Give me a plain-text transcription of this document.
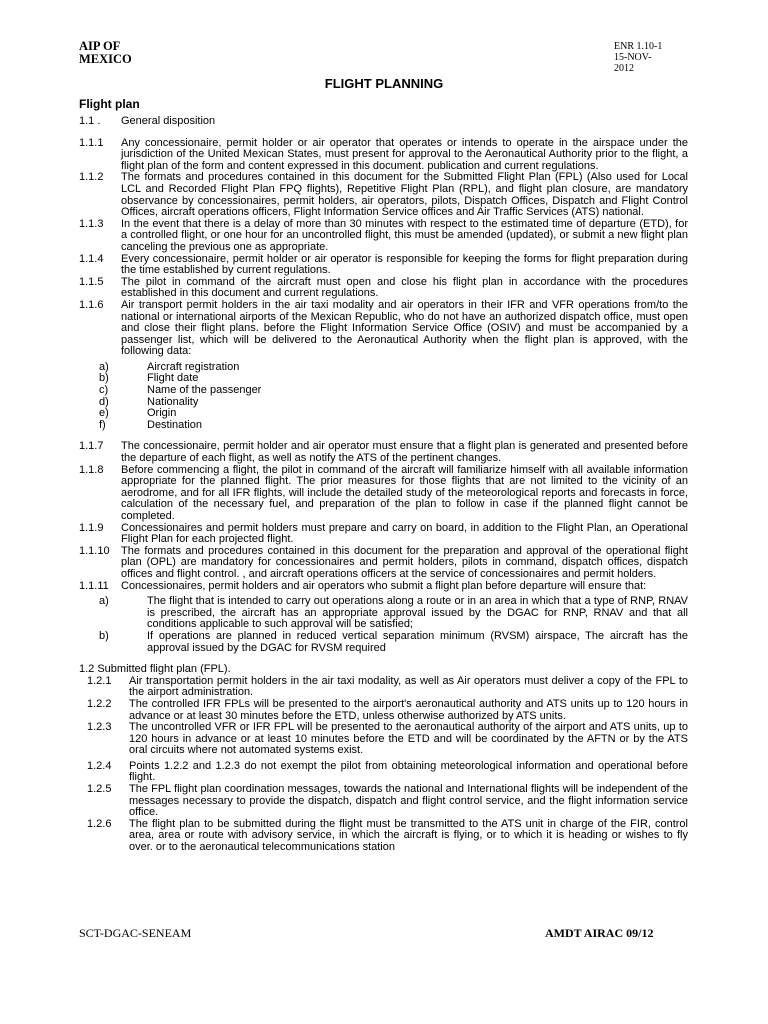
AIP OF
MEXICO
ENR 1.10-1
15-NOV-
2012
FLIGHT PLANNING
Flight plan
1.1 .	General disposition
1.1.1	Any concessionaire, permit holder or air operator that operates or intends to operate in the airspace under the jurisdiction of the United Mexican States, must present for approval to the Aeronautical Authority prior to the flight, a flight plan of the form and content expressed in this document. publication and current regulations.
1.1.2	The formats and procedures contained in this document for the Submitted Flight Plan (FPL) (Also used for Local LCL and Recorded Flight Plan FPQ flights), Repetitive Flight Plan (RPL), and flight plan closure, are mandatory observance by concessionaires, permit holders, air operators, pilots, Dispatch Offices, Dispatch and Flight Control Offices, aircraft operations officers, Flight Information Service offices and Air Traffic Services (ATS) national.
1.1.3	In the event that there is a delay of more than 30 minutes with respect to the estimated time of departure (ETD), for a controlled flight, or one hour for an uncontrolled flight, this must be amended (updated), or submit a new flight plan canceling the previous one as appropriate.
1.1.4	Every concessionaire, permit holder or air operator is responsible for keeping the forms for flight preparation during the time established by current regulations.
1.1.5	The pilot in command of the aircraft must open and close his flight plan in accordance with the procedures established in this document and current regulations.
1.1.6	Air transport permit holders in the air taxi modality and air operators in their IFR and VFR operations from/to the national or international airports of the Mexican Republic, who do not have an authorized dispatch office, must open and close their flight plans. before the Flight Information Service Office (OSIV) and must be accompanied by a passenger list, which will be delivered to the Aeronautical Authority when the flight plan is approved, with the following data:
a)	Aircraft registration
b)	Flight date
c)	Name of the passenger
d)	Nationality
e)	Origin
f)	Destination
1.1.7	The concessionaire, permit holder and air operator must ensure that a flight plan is generated and presented before the departure of each flight, as well as notify the ATS of the pertinent changes.
1.1.8	Before commencing a flight, the pilot in command of the aircraft will familiarize himself with all available information appropriate for the planned flight. The prior measures for those flights that are not limited to the vicinity of an aerodrome, and for all IFR flights, will include the detailed study of the meteorological reports and forecasts in force, calculation of the necessary fuel, and preparation of the plan to follow in case if the planned flight cannot be completed.
1.1.9	Concessionaires and permit holders must prepare and carry on board, in addition to the Flight Plan, an Operational Flight Plan for each projected flight.
1.1.10	The formats and procedures contained in this document for the preparation and approval of the operational flight plan (OPL) are mandatory for concessionaires and permit holders, pilots in command, dispatch offices, dispatch offices and flight control. , and aircraft operations officers at the service of concessionaires and permit holders.
1.1.11	Concessionaires, permit holders and air operators who submit a flight plan before departure will ensure that:
a)	The flight that is intended to carry out operations along a route or in an area in which that a type of RNP, RNAV is prescribed, the aircraft has an appropriate approval issued by the DGAC for RNP, RNAV and that all conditions applicable to such approval will be satisfied;
b)	If operations are planned in reduced vertical separation minimum (RVSM) airspace, The aircraft has the approval issued by the DGAC for RVSM required
1.2 Submitted flight plan (FPL).
1.2.1	Air transportation permit holders in the air taxi modality, as well as Air operators must deliver a copy of the FPL to the airport administration.
1.2.2	The controlled IFR FPLs will be presented to the airport's aeronautical authority and ATS units up to 120 hours in advance or at least 30 minutes before the ETD, unless otherwise authorized by ATS units.
1.2.3	The uncontrolled VFR or IFR FPL will be presented to the aeronautical authority of the airport and ATS units, up to 120 hours in advance or at least 10 minutes before the ETD and will be coordinated by the AFTN or by the ATS oral circuits where not automated systems exist.
1.2.4	Points 1.2.2 and 1.2.3 do not exempt the pilot from obtaining meteorological information and operational before flight.
1.2.5	The FPL flight plan coordination messages, towards the national and International flights will be independent of the messages necessary to provide the dispatch, dispatch and flight control service, and the flight information service office.
1.2.6	The flight plan to be submitted during the flight must be transmitted to the ATS unit in charge of the FIR, control area, area or route with advisory service, in which the aircraft is flying, or to which it is heading or wishes to fly over. or to the aeronautical telecommunications station
SCT-DGAC-SENEAM	AMDT AIRAC 09/12
